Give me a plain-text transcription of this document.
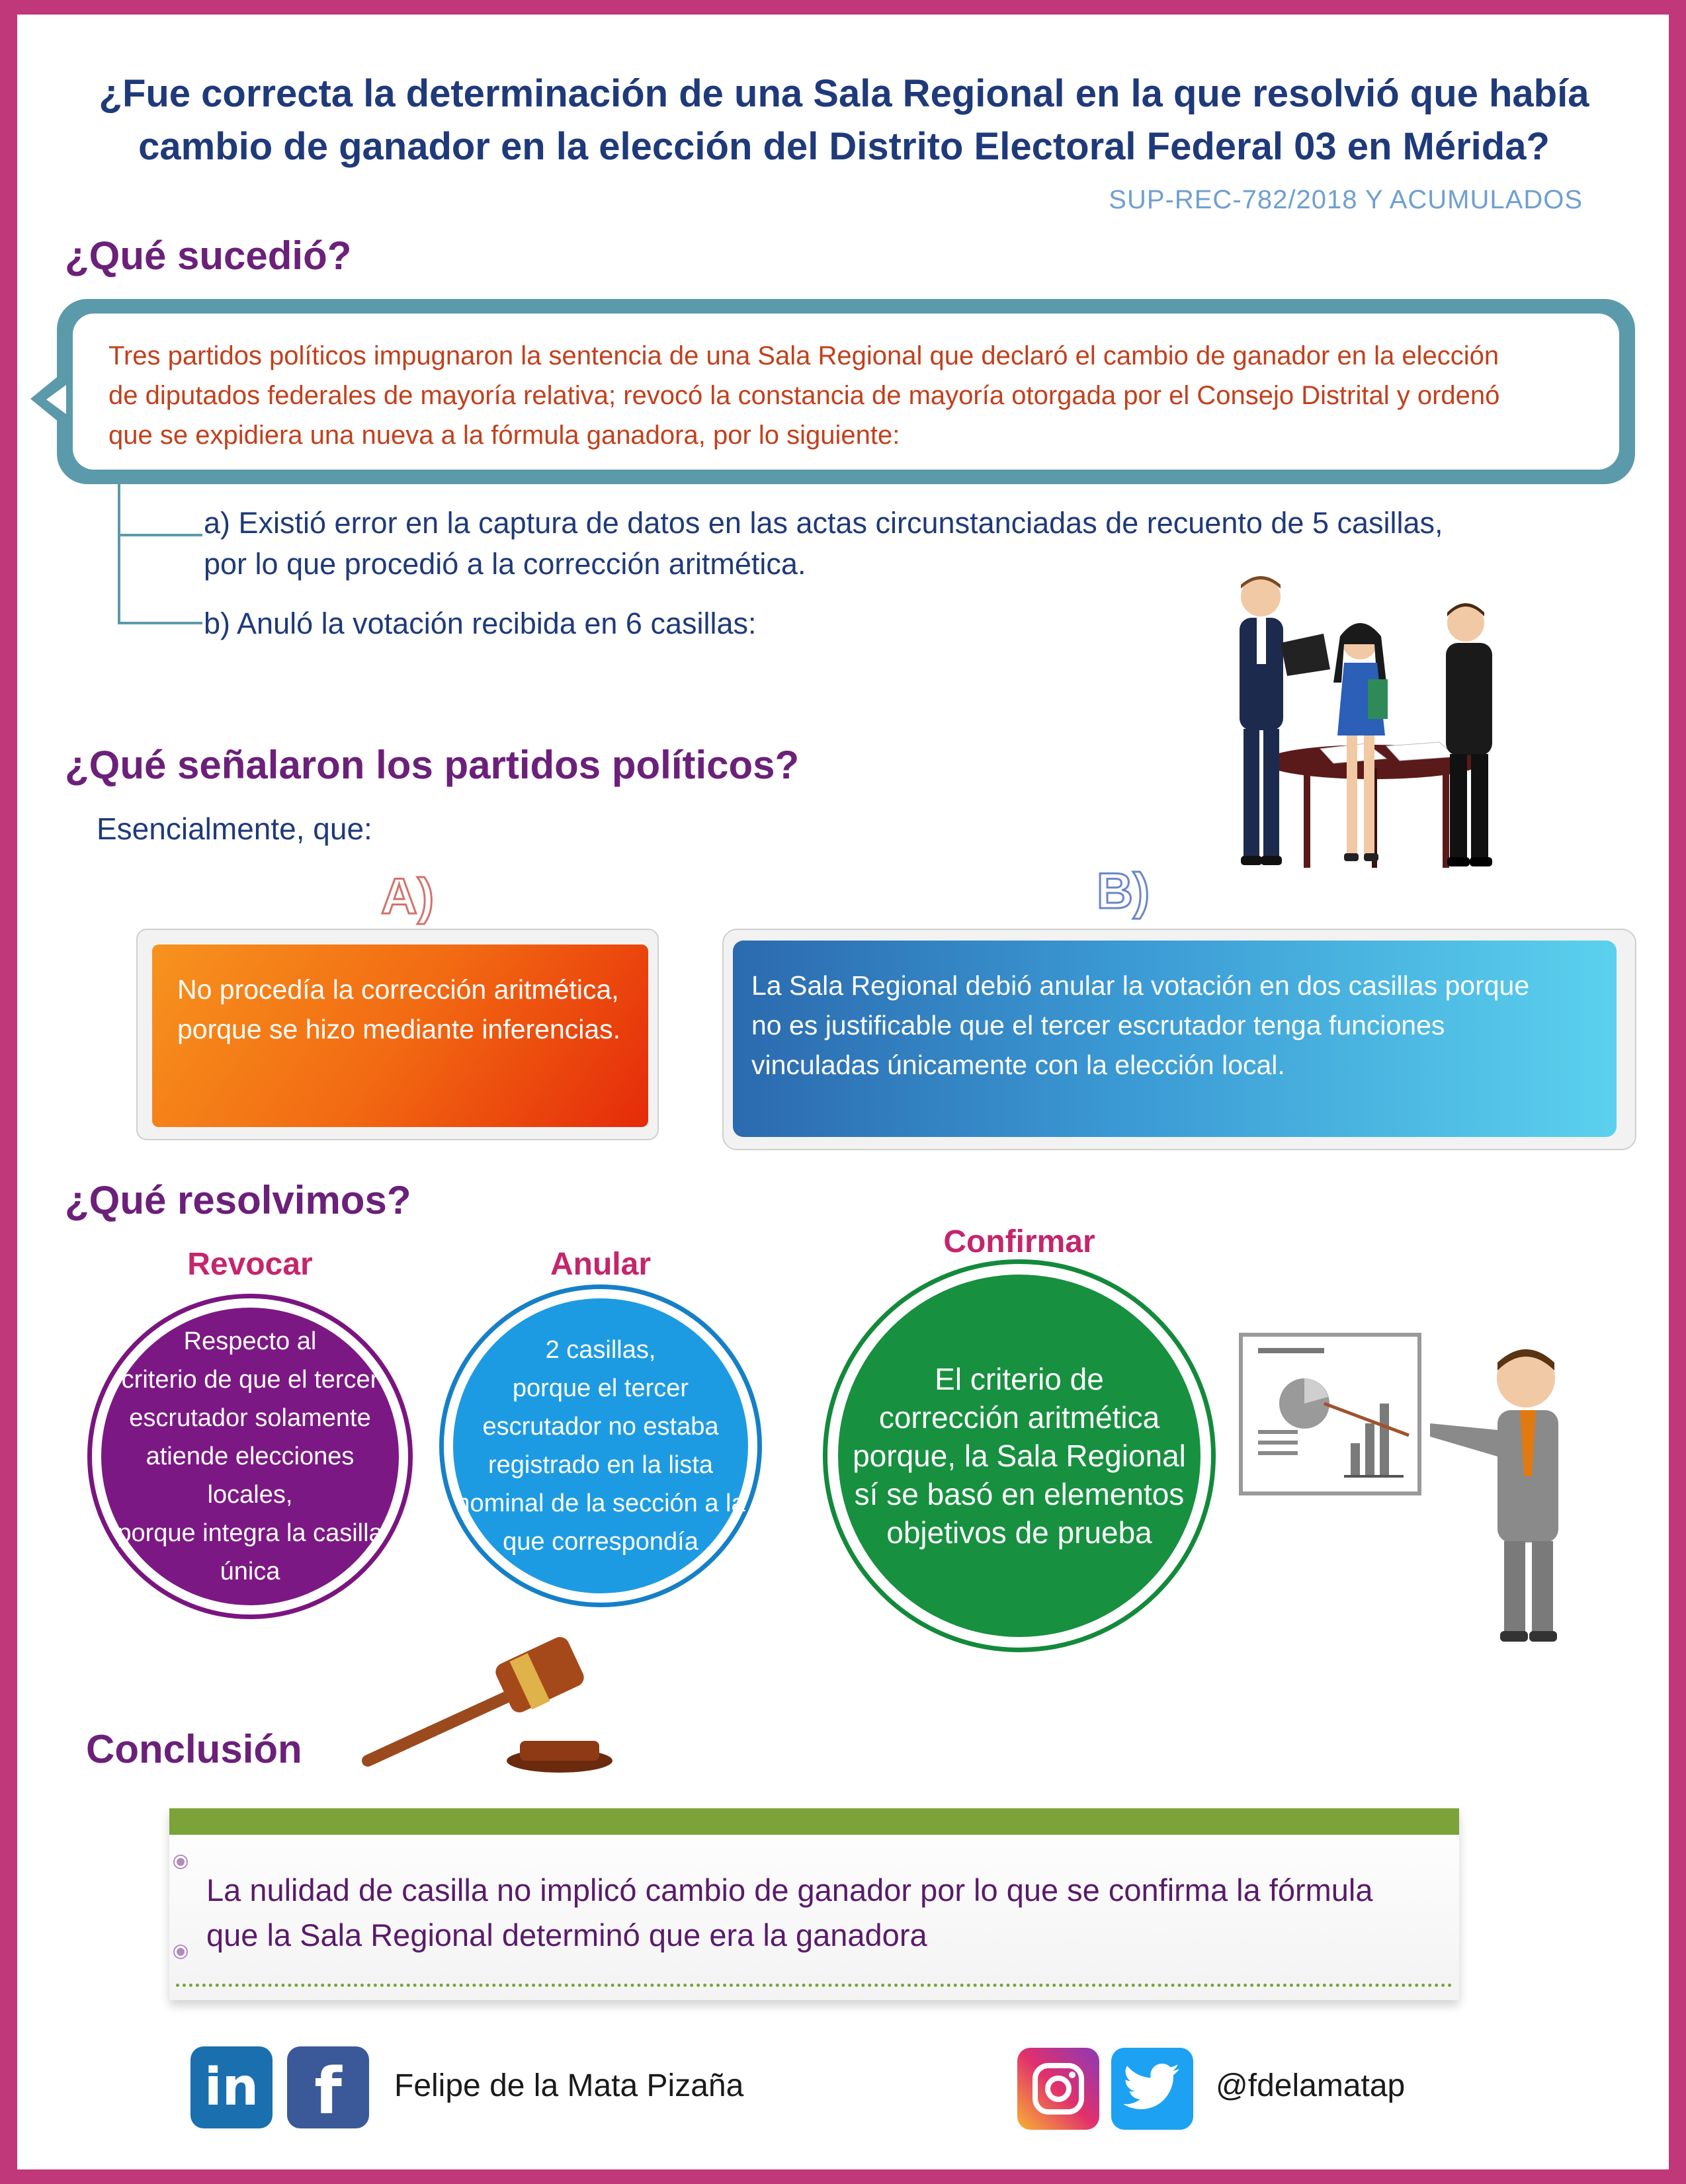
¿Fue correcta la determinación de una Sala Regional en la que resolvió que había
cambio de ganador en la elección del Distrito Electoral Federal 03 en Mérida?
SUP-REC-782/2018 Y ACUMULADOS
¿Qué sucedió?
Tres partidos políticos impugnaron la sentencia de una Sala Regional que declaró el cambio de ganador en la elección
de diputados federales de mayoría relativa; revocó la constancia de mayoría otorgada por el Consejo Distrital y ordenó
que se expidiera una nueva a la fórmula ganadora, por lo siguiente:
a) Existió error en la captura de datos en las actas circunstanciadas de recuento de 5 casillas,
por lo que procedió a la corrección aritmética.
b) Anuló la votación recibida en 6 casillas:
¿Qué señalaron los partidos políticos?
Esencialmente, que:
A)	B)
No procedía la corrección aritmética,
porque se hizo mediante inferencias.
La Sala Regional debió anular la votación en dos casillas porque
no es justificable que el tercer escrutador tenga funciones
vinculadas únicamente con la elección local.
¿Qué resolvimos?
Revocar	Anular
Confirmar
Respecto al
criterio de que el tercer
escrutador solamente
atiende elecciones locales,
porque integra la casilla
única
2 casillas,
porque el tercer
escrutador no estaba
registrado en la lista
nominal de la sección a la
que correspondía
El criterio de
corrección aritmética
porque, la Sala Regional
sí se basó en elementos
objetivos de prueba
Conclusión
La nulidad de casilla no implicó cambio de ganador por lo que se confirma la fórmula
que la Sala Regional determinó que era la ganadora
in f	Felipe de la Mata Pizaña	@fdelamatap
